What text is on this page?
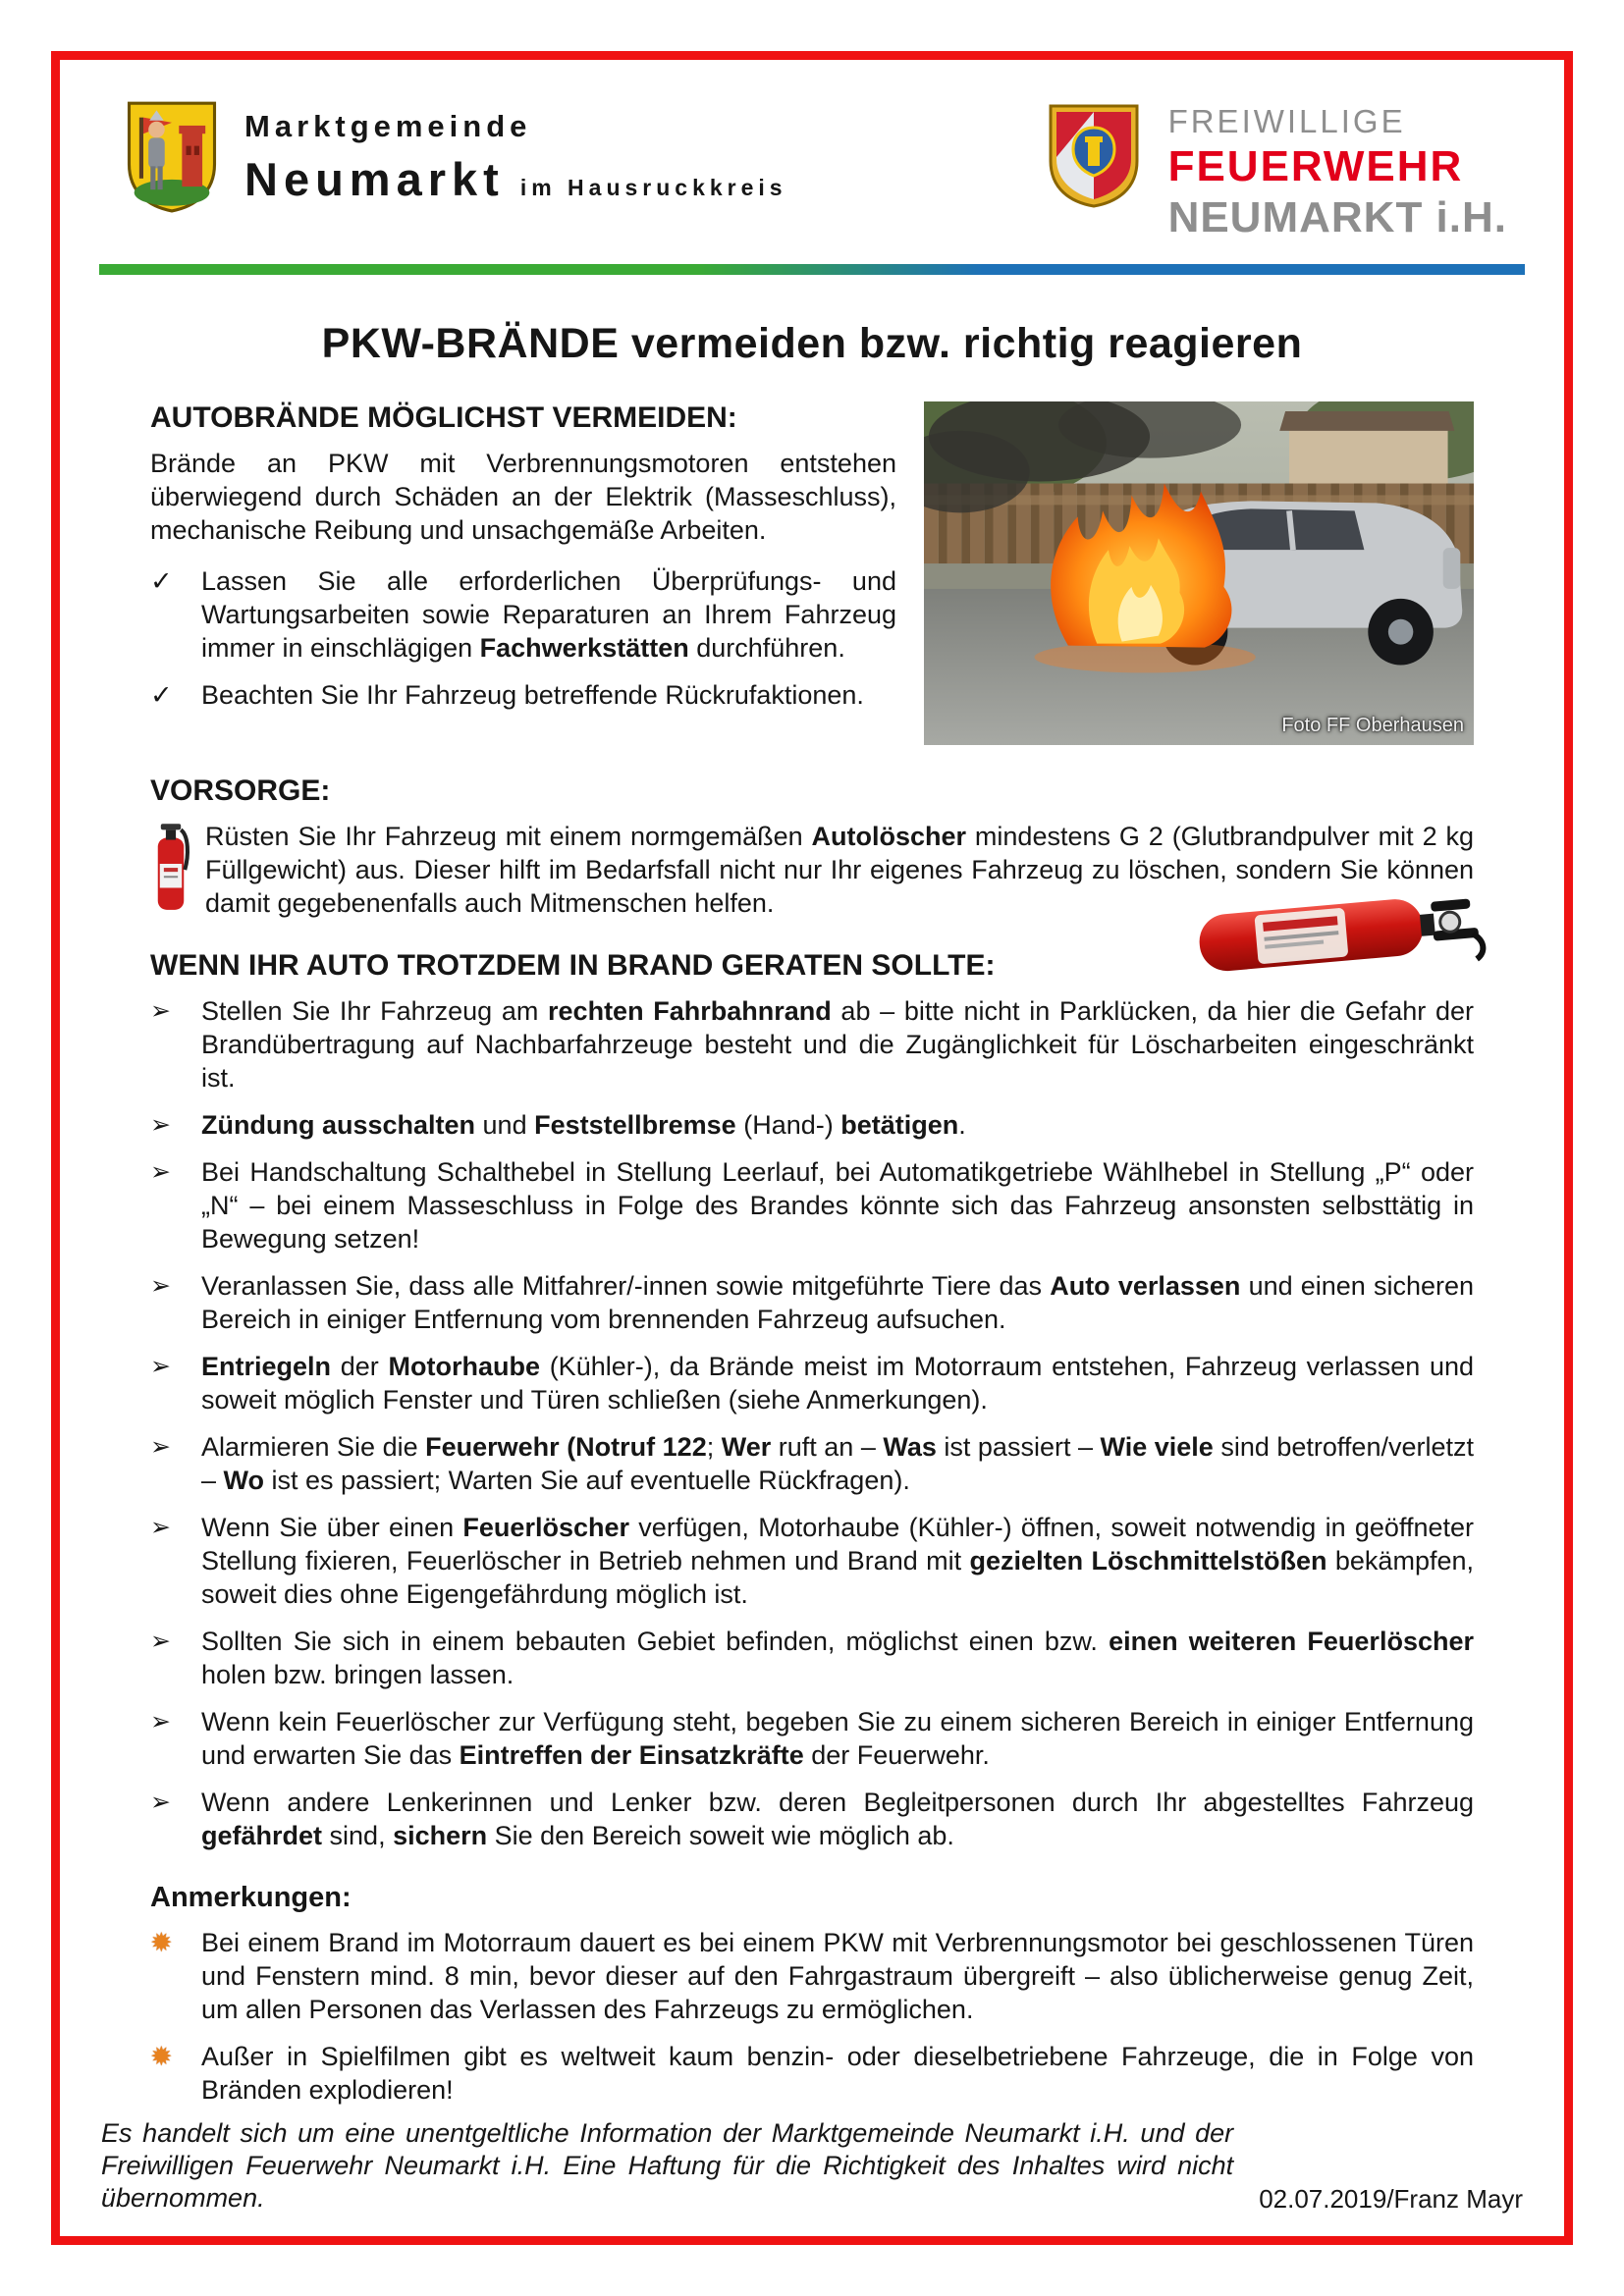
Marktgemeinde
Neumarkt im Hausruckkreis
FREIWILLIGE
FEUERWEHR
NEUMARKT i.H.
PKW-BRÄNDE vermeiden bzw. richtig reagieren
AUTOBRÄNDE MÖGLICHST VERMEIDEN:

Brände an PKW mit Verbrennungsmotoren entstehen überwiegend durch Schäden an der Elektrik (Masseschluss), mechanische Reibung und unsachgemäße Arbeiten.

✓	Lassen Sie alle erforderlichen Überprüfungs- und Wartungsarbeiten sowie Reparaturen an Ihrem Fahrzeug immer in einschlägigen Fachwerkstätten durchführen.
✓	Beachten Sie Ihr Fahrzeug betreffende Rückrufaktionen.
Foto FF Oberhausen
VORSORGE:

Rüsten Sie Ihr Fahrzeug mit einem normgemäßen Autolöscher mindestens G 2 (Glutbrandpulver mit 2 kg Füllgewicht) aus. Dieser hilft im Bedarfsfall nicht nur Ihr eigenes Fahrzeug zu löschen, sondern Sie können damit gegebenenfalls auch Mitmenschen helfen.

WENN IHR AUTO TROTZDEM IN BRAND GERATEN SOLLTE:
➢	Stellen Sie Ihr Fahrzeug am rechten Fahrbahnrand ab – bitte nicht in Parklücken, da hier die Gefahr der Brandübertragung auf Nachbarfahrzeuge besteht und die Zugänglichkeit für Löscharbeiten eingeschränkt ist.
➢	Zündung ausschalten und Feststellbremse (Hand-) betätigen.
➢	Bei Handschaltung Schalthebel in Stellung Leerlauf, bei Automatikgetriebe Wählhebel in Stellung „P“ oder „N“ – bei einem Masseschluss in Folge des Brandes könnte sich das Fahrzeug ansonsten selbsttätig in Bewegung setzen!
➢	Veranlassen Sie, dass alle Mitfahrer/-innen sowie mitgeführte Tiere das Auto verlassen und einen sicheren Bereich in einiger Entfernung vom brennenden Fahrzeug aufsuchen.
➢	Entriegeln der Motorhaube (Kühler-), da Brände meist im Motorraum entstehen, Fahrzeug verlassen und soweit möglich Fenster und Türen schließen (siehe Anmerkungen).
➢	Alarmieren Sie die Feuerwehr (Notruf 122; Wer ruft an – Was ist passiert – Wie viele sind betroffen/verletzt – Wo ist es passiert; Warten Sie auf eventuelle Rückfragen).
➢	Wenn Sie über einen Feuerlöscher verfügen, Motorhaube (Kühler-) öffnen, soweit notwendig in geöffneter Stellung fixieren, Feuerlöscher in Betrieb nehmen und Brand mit gezielten Löschmittelstößen bekämpfen, soweit dies ohne Eigengefährdung möglich ist.
➢	Sollten Sie sich in einem bebauten Gebiet befinden, möglichst einen bzw. einen weiteren Feuerlöscher holen bzw. bringen lassen.
➢	Wenn kein Feuerlöscher zur Verfügung steht, begeben Sie zu einem sicheren Bereich in einiger Entfernung und erwarten Sie das Eintreffen der Einsatzkräfte der Feuerwehr.
➢	Wenn andere Lenkerinnen und Lenker bzw. deren Begleitpersonen durch Ihr abgestelltes Fahrzeug gefährdet sind, sichern Sie den Bereich soweit wie möglich ab.
Anmerkungen:
✹	Bei einem Brand im Motorraum dauert es bei einem PKW mit Verbrennungsmotor bei geschlossenen Türen und Fenstern mind. 8 min, bevor dieser auf den Fahrgastraum übergreift – also üblicherweise genug Zeit, um allen Personen das Verlassen des Fahrzeugs zu ermöglichen.
✹	Außer in Spielfilmen gibt es weltweit kaum benzin- oder dieselbetriebene Fahrzeuge, die in Folge von Bränden explodieren!

Es handelt sich um eine unentgeltliche Information der Marktgemeinde Neumarkt i.H. und der Freiwilligen Feuerwehr Neumarkt i.H. Eine Haftung für die Richtigkeit des Inhaltes wird nicht übernommen.	02.07.2019/Franz Mayr
